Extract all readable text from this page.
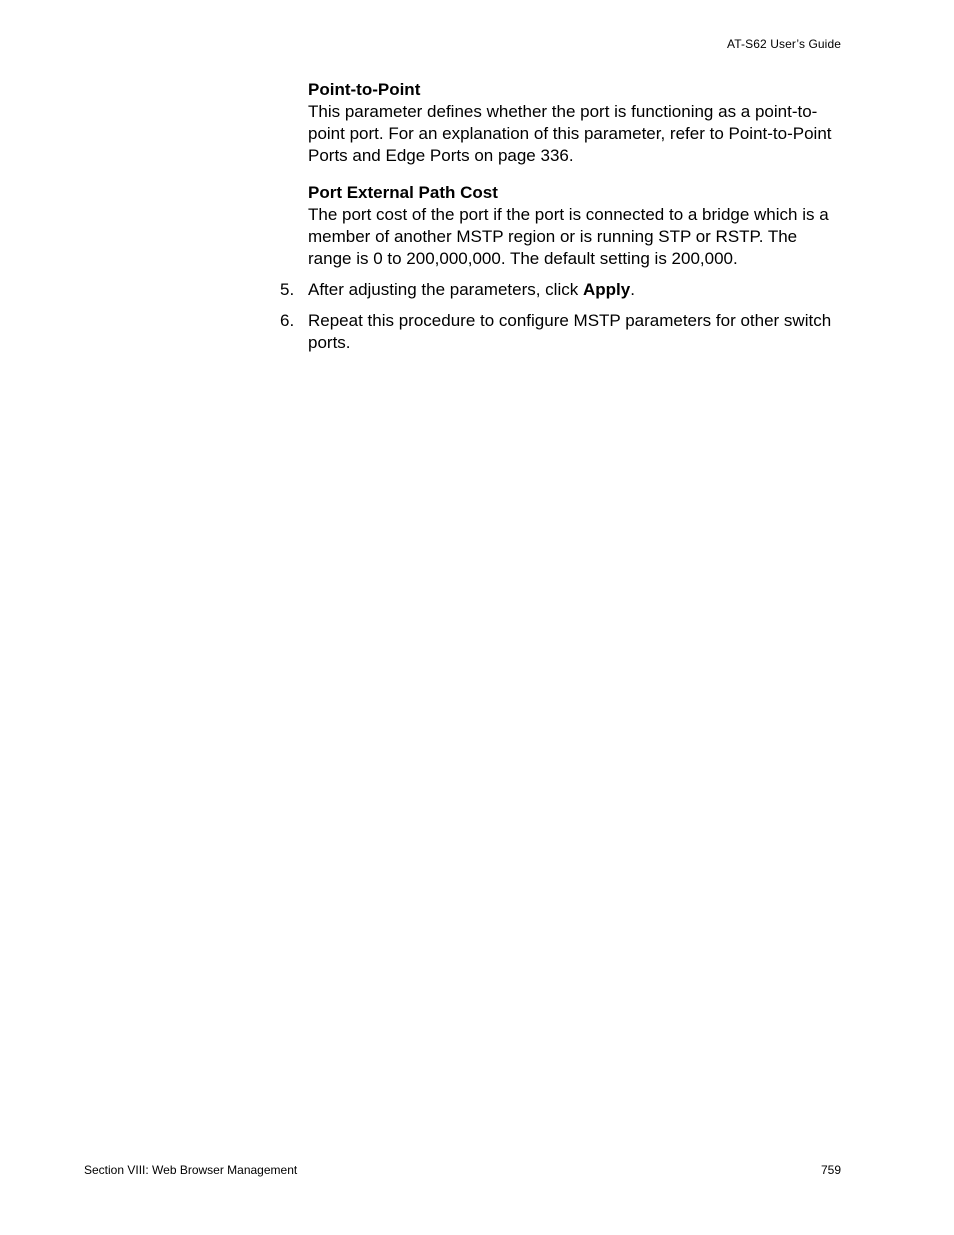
AT-S62 User’s Guide
Point-to-Point
This parameter defines whether the port is functioning as a point-to-point port. For an explanation of this parameter, refer to Point-to-Point Ports and Edge Ports on page 336.
Port External Path Cost
The port cost of the port if the port is connected to a bridge which is a member of another MSTP region or is running STP or RSTP. The range is 0 to 200,000,000. The default setting is 200,000.
5. After adjusting the parameters, click Apply.
6. Repeat this procedure to configure MSTP parameters for other switch ports.
Section VIII: Web Browser Management	759
